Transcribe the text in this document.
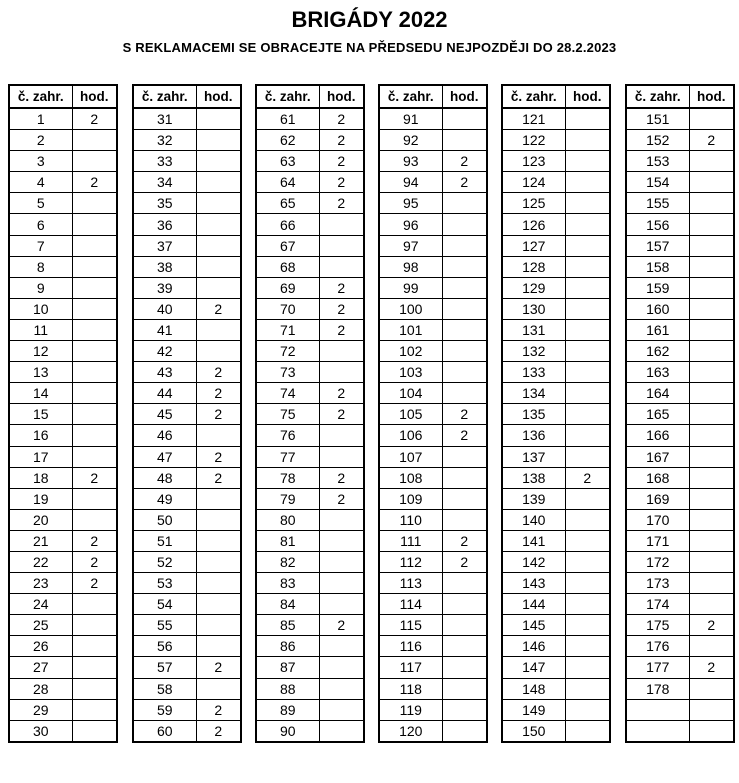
BRIGÁDY 2022
S REKLAMACEMI SE OBRACEJTE NA PŘEDSEDU NEJPOZDĚJI DO 28.2.2023
č. zahr.	hod.
1	2
2	
3	
4	2
5	
6	
7	
8	
9	
10	
11	
12	
13	
14	
15	
16	
17	
18	2
19	
20	
21	2
22	2
23	2
24	
25	
26	
27	
28	
29	
30	
č. zahr.	hod.
31	
32	
33	
34	
35	
36	
37	
38	
39	
40	2
41	
42	
43	2
44	2
45	2
46	
47	2
48	2
49	
50	
51	
52	
53	
54	
55	
56	
57	2
58	
59	2
60	2
č. zahr.	hod.
61	2
62	2
63	2
64	2
65	2
66	
67	
68	
69	2
70	2
71	2
72	
73	
74	2
75	2
76	
77	
78	2
79	2
80	
81	
82	
83	
84	
85	2
86	
87	
88	
89	
90	
č. zahr.	hod.
91	
92	
93	2
94	2
95	
96	
97	
98	
99	
100	
101	
102	
103	
104	
105	2
106	2
107	
108	
109	
110	
111	2
112	2
113	
114	
115	
116	
117	
118	
119	
120	
č. zahr.	hod.
121	
122	
123	
124	
125	
126	
127	
128	
129	
130	
131	
132	
133	
134	
135	
136	
137	
138	2
139	
140	
141	
142	
143	
144	
145	
146	
147	
148	
149	
150	
č. zahr.	hod.
151	
152	2
153	
154	
155	
156	
157	
158	
159	
160	
161	
162	
163	
164	
165	
166	
167	
168	
169	
170	
171	
172	
173	
174	
175	2
176	
177	2
178	
